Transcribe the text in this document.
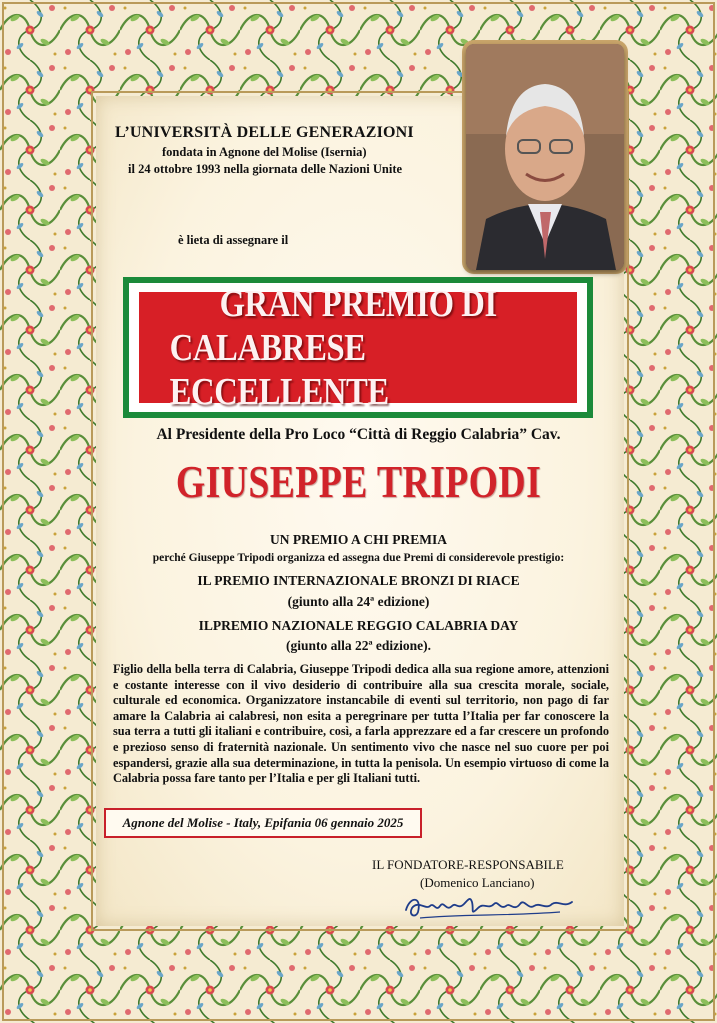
L’UNIVERSITÀ DELLE GENERAZIONI
fondata in Agnone del Molise (Isernia)
il 24 ottobre 1993 nella giornata delle Nazioni Unite
è lieta di assegnare il
GRAN PREMIO DI
CALABRESE ECCELLENTE
Al Presidente della Pro Loco “Città di Reggio Calabria” Cav.
GIUSEPPE TRIPODI
UN PREMIO A CHI PREMIA
perché Giuseppe Tripodi organizza ed assegna due Premi di considerevole prestigio:
IL PREMIO INTERNAZIONALE BRONZI DI RIACE
(giunto alla 24ª edizione)
ILPREMIO NAZIONALE REGGIO CALABRIA DAY
(giunto alla 22ª edizione).
Figlio della bella terra di Calabria, Giuseppe Tripodi dedica alla sua regione amore, attenzioni e costante interesse con il vivo desiderio di contribuire alla sua crescita morale, sociale, culturale ed economica. Organizzatore instancabile di eventi sul territorio, non pago di far amare la Calabria ai calabresi, non esita a peregrinare per tutta l’Italia per far conoscere la sua terra a tutti gli italiani e contribuire, così, a farla apprezzare ed a far crescere un profondo e prezioso senso di fraternità nazionale. Un sentimento vivo che nasce nel suo cuore per poi espandersi, grazie alla sua determinazione, in tutta la penisola. Un esempio virtuoso di come la Calabria possa fare tanto per l’Italia e per gli Italiani tutti.
Agnone del Molise - Italy, Epifania 06 gennaio 2025
IL FONDATORE-RESPONSABILE
(Domenico Lanciano)
